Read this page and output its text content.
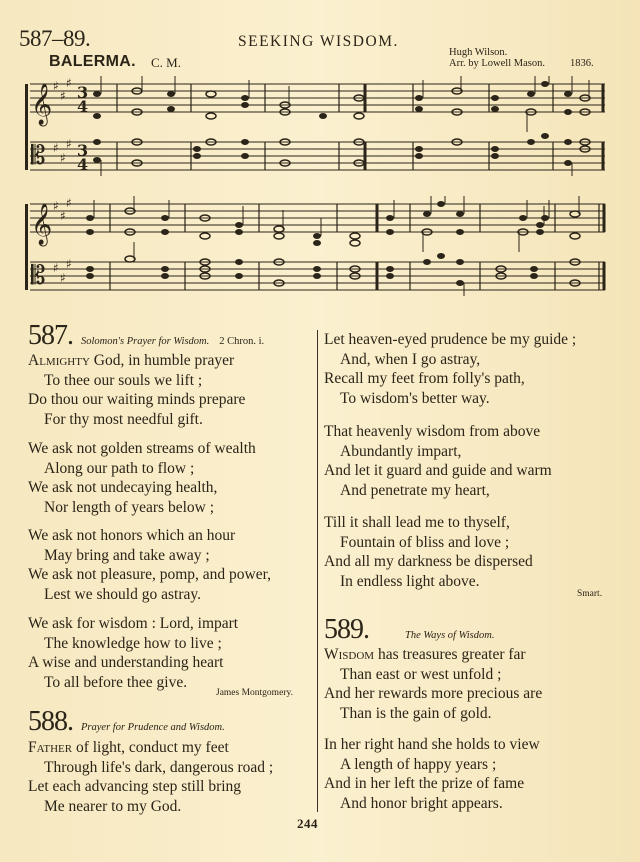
587–89.	SEEKING WISDOM.
BALERMA. C. M.
Hugh Wilson.
Arr. by Lowell Mason. 1836.
𝄞
𝄡
♯
♯
♯
♯
♯
♯
3
4
3
4
𝄞
𝄡
♯
♯
♯
♯
♯
♯
587. Solomon's Prayer for Wisdom. 2 Chron. i.
Almighty God, in humble prayer
To thee our souls we lift ;
Do thou our waiting minds prepare
For thy most needful gift.
We ask not golden streams of wealth
Along our path to flow ;
We ask not undecaying health,
Nor length of years below ;
We ask not honors which an hour
May bring and take away ;
We ask not pleasure, pomp, and power,
Lest we should go astray.
We ask for wisdom : Lord, impart
The knowledge how to live ;
A wise and understanding heart
To all before thee give.
James Montgomery.
588. Prayer for Prudence and Wisdom.
Father of light, conduct my feet
Through life's dark, dangerous road ;
Let each advancing step still bring
Me nearer to my God.
Let heaven-eyed prudence be my guide ;
And, when I go astray,
Recall my feet from folly's path,
To wisdom's better way.
That heavenly wisdom from above
Abundantly impart,
And let it guard and guide and warm
And penetrate my heart,
Till it shall lead me to thyself,
Fountain of bliss and love ;
And all my darkness be dispersed
In endless light above.
Smart.
589.	The Ways of Wisdom.
Wisdom has treasures greater far
Than east or west unfold ;
And her rewards more precious are
Than is the gain of gold.
In her right hand she holds to view
A length of happy years ;
And in her left the prize of fame
And honor bright appears.
244
